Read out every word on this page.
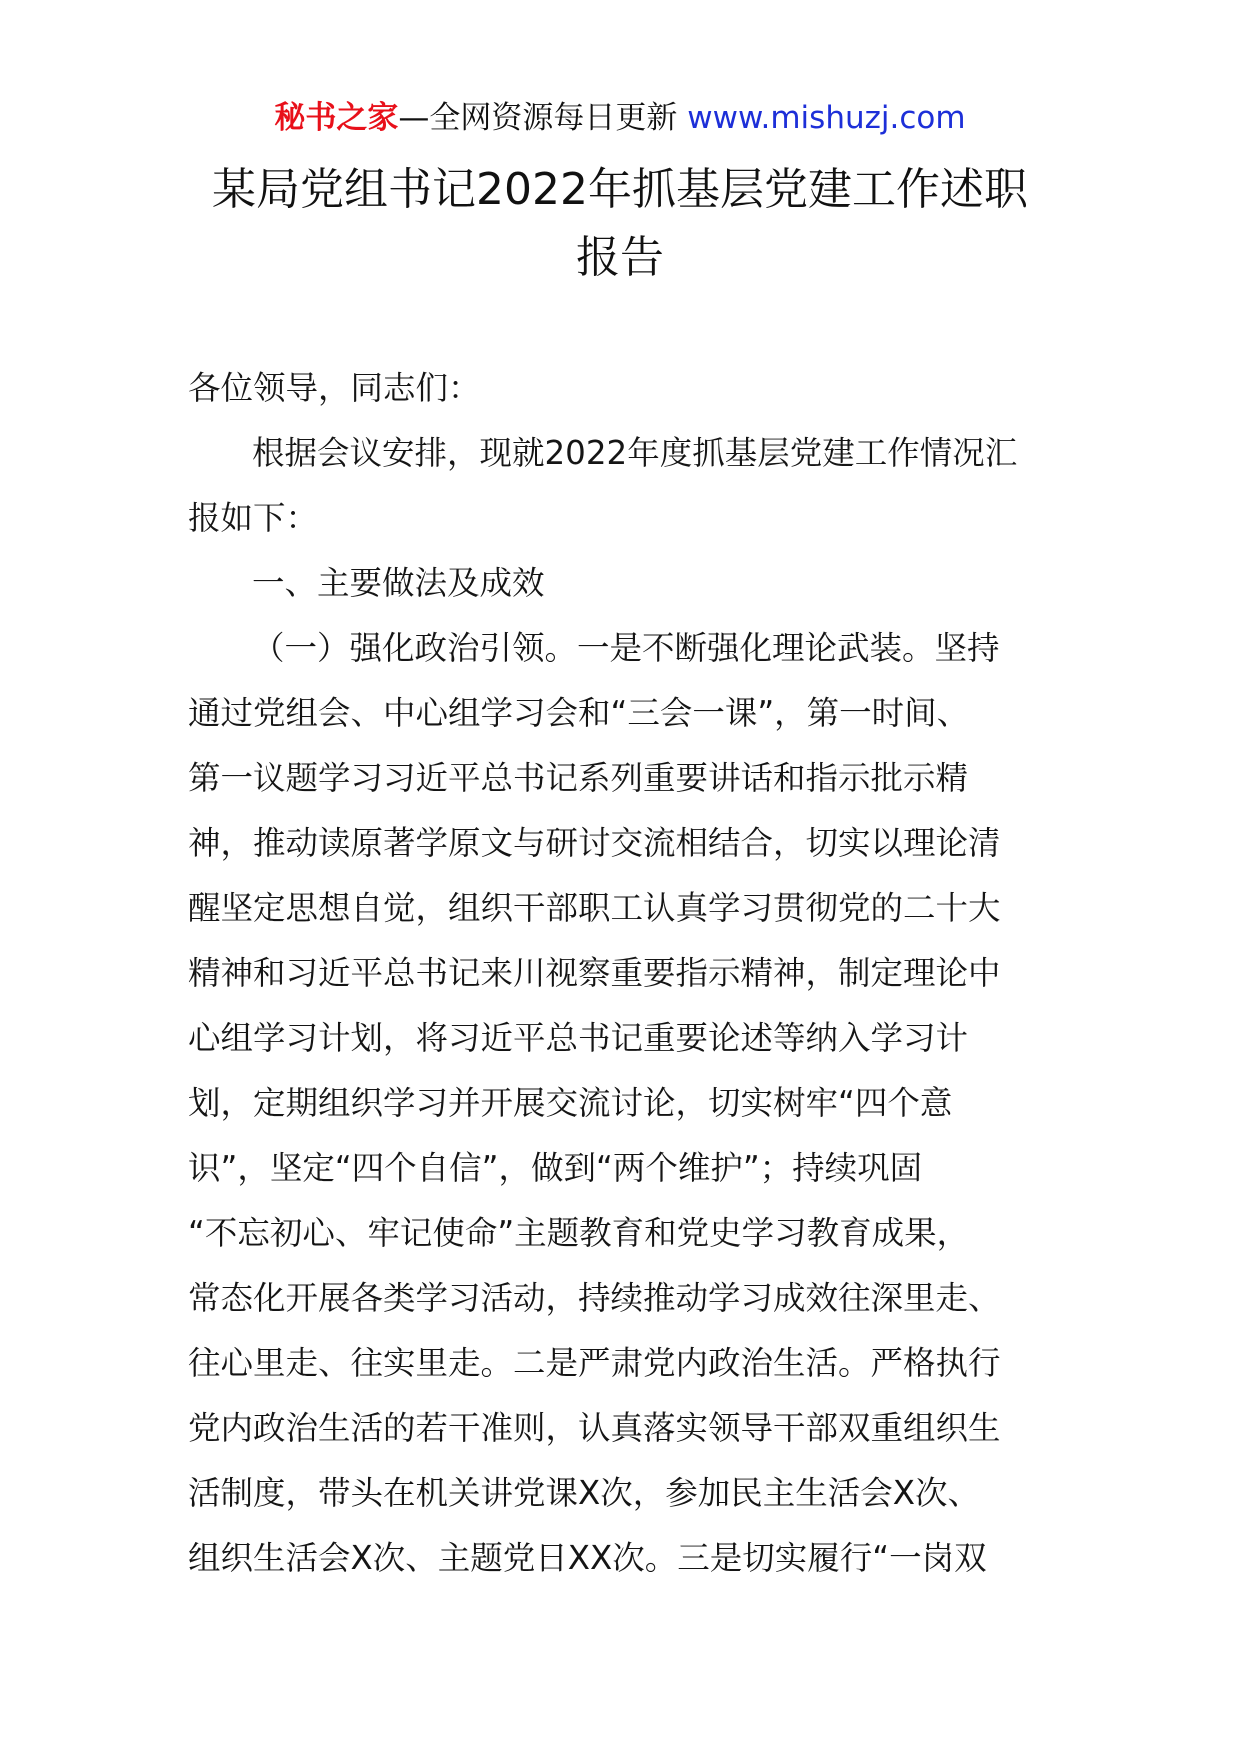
秘书之家—全网资源每日更新 www.mishuzj.com
某局党组书记2022年抓基层党建工作述职
报告
各位领导，同志们：
根据会议安排，现就2022年度抓基层党建工作情况汇
报如下：
一、主要做法及成效
（一）强化政治引领。一是不断强化理论武装。坚持
通过党组会、中心组学习会和“三会一课”，第一时间、
第一议题学习习近平总书记系列重要讲话和指示批示精
神，推动读原著学原文与研讨交流相结合，切实以理论清
醒坚定思想自觉，组织干部职工认真学习贯彻党的二十大
精神和习近平总书记来川视察重要指示精神，制定理论中
心组学习计划，将习近平总书记重要论述等纳入学习计
划，定期组织学习并开展交流讨论，切实树牢“四个意
识”，坚定“四个自信”，做到“两个维护”；持续巩固
“不忘初心、牢记使命”主题教育和党史学习教育成果，
常态化开展各类学习活动，持续推动学习成效往深里走、
往心里走、往实里走。二是严肃党内政治生活。严格执行
党内政治生活的若干准则，认真落实领导干部双重组织生
活制度，带头在机关讲党课X次，参加民主生活会X次、
组织生活会X次、主题党日XX次。三是切实履行“一岗双
